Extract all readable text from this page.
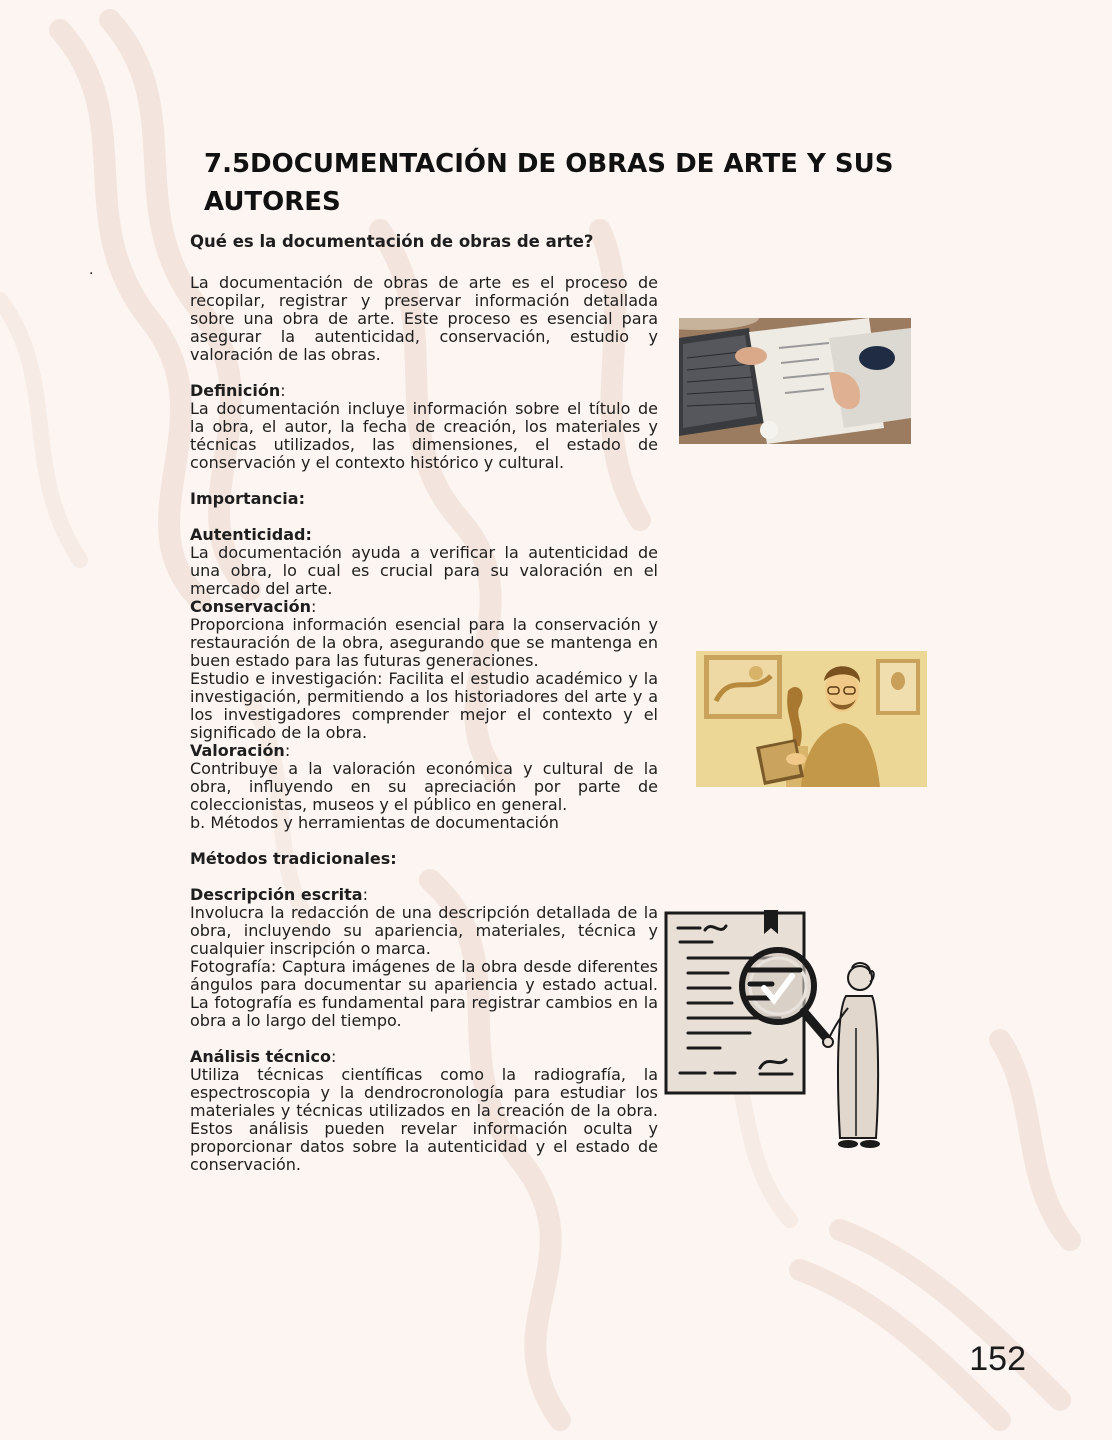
7.5DOCUMENTACIÓN DE OBRAS DE ARTE Y SUS AUTORES
.

Qué es la documentación de obras de arte?

La documentación de obras de arte es el proceso de recopilar, registrar y preservar información detallada sobre una obra de arte. Este proceso es esencial para asegurar la autenticidad, conservación, estudio y valoración de las obras.

Definición:

La documentación incluye información sobre el título de la obra, el autor, la fecha de creación, los materiales y técnicas utilizados, las dimensiones, el estado de conservación y el contexto histórico y cultural.

Importancia:

Autenticidad:

La documentación ayuda a verificar la autenticidad de una obra, lo cual es crucial para su valoración en el mercado del arte.

Conservación:

Proporciona información esencial para la conservación y restauración de la obra, asegurando que se mantenga en buen estado para las futuras generaciones.

Estudio e investigación: Facilita el estudio académico y la investigación, permitiendo a los historiadores del arte y a los investigadores comprender mejor el contexto y el significado de la obra.

Valoración:

Contribuye a la valoración económica y cultural de la obra, influyendo en su apreciación por parte de coleccionistas, museos y el público en general.

b. Métodos y herramientas de documentación

Métodos tradicionales:

Descripción escrita:

Involucra la redacción de una descripción detallada de la obra, incluyendo su apariencia, materiales, técnica y cualquier inscripción o marca.

Fotografía: Captura imágenes de la obra desde diferentes ángulos para documentar su apariencia y estado actual. La fotografía es fundamental para registrar cambios en la obra a lo largo del tiempo.

Análisis técnico:

Utiliza técnicas científicas como la radiografía, la espectroscopia y la dendrocronología para estudiar los materiales y técnicas utilizados en la creación de la obra. Estos análisis pueden revelar información oculta y proporcionar datos sobre la autenticidad y el estado de conservación.

152
